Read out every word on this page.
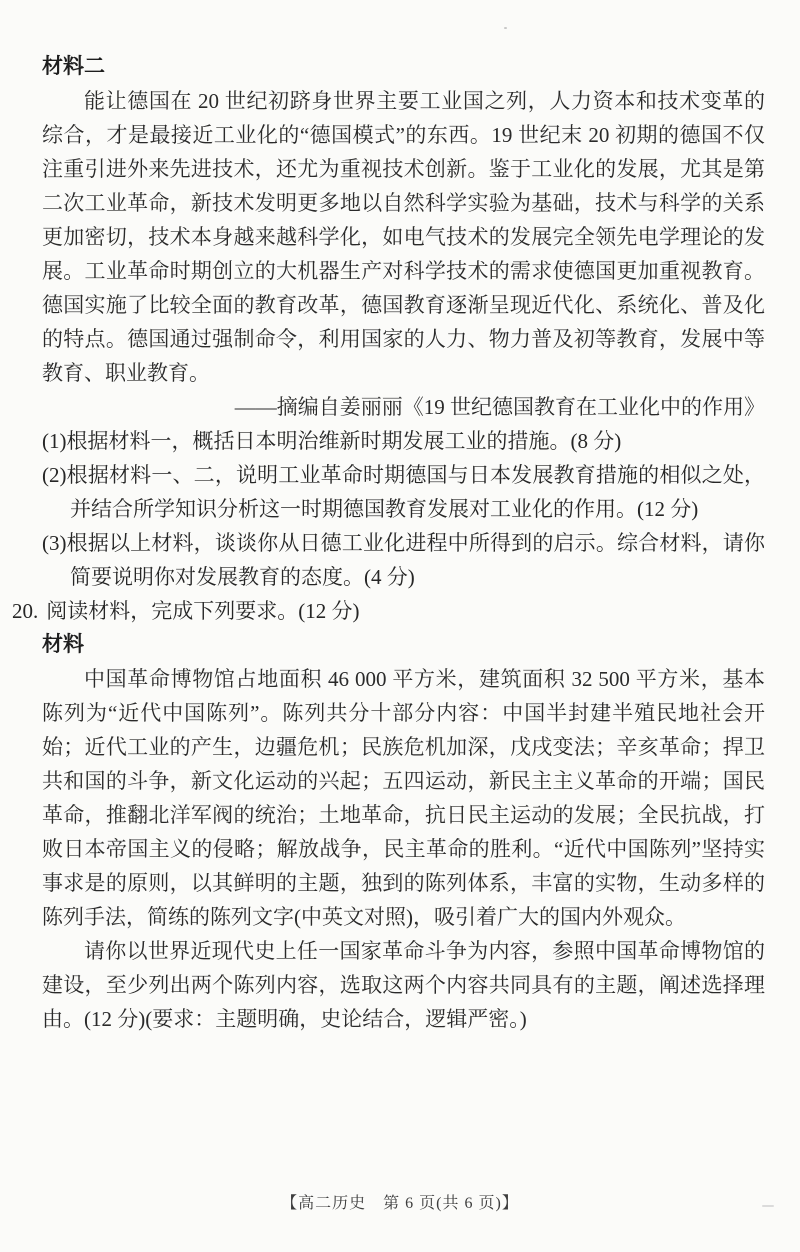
材料二

能让德国在 20 世纪初跻身世界主要工业国之列，人力资本和技术变革的综合，才是最接近工业化的“德国模式”的东西。19 世纪末 20 初期的德国不仅注重引进外来先进技术，还尤为重视技术创新。鉴于工业化的发展，尤其是第二次工业革命，新技术发明更多地以自然科学实验为基础，技术与科学的关系更加密切，技术本身越来越科学化，如电气技术的发展完全领先电学理论的发展。工业革命时期创立的大机器生产对科学技术的需求使德国更加重视教育。德国实施了比较全面的教育改革，德国教育逐渐呈现近代化、系统化、普及化的特点。德国通过强制命令，利用国家的人力、物力普及初等教育，发展中等教育、职业教育。

——摘编自姜丽丽《19 世纪德国教育在工业化中的作用》
(1)根据材料一，概括日本明治维新时期发展工业的措施。(8 分)
(2)根据材料一、二，说明工业革命时期德国与日本发展教育措施的相似之处，并结合所学知识分析这一时期德国教育发展对工业化的作用。(12 分)
(3)根据以上材料，谈谈你从日德工业化进程中所得到的启示。综合材料，请你简要说明你对发展教育的态度。(4 分)
20. 阅读材料，完成下列要求。(12 分)
材料

中国革命博物馆占地面积 46 000 平方米，建筑面积 32 500 平方米，基本陈列为“近代中国陈列”。陈列共分十部分内容：中国半封建半殖民地社会开始；近代工业的产生，边疆危机；民族危机加深，戊戌变法；辛亥革命；捍卫共和国的斗争，新文化运动的兴起；五四运动，新民主主义革命的开端；国民革命，推翻北洋军阀的统治；土地革命，抗日民主运动的发展；全民抗战，打败日本帝国主义的侵略；解放战争，民主革命的胜利。“近代中国陈列”坚持实事求是的原则，以其鲜明的主题，独到的陈列体系，丰富的实物，生动多样的陈列手法，简练的陈列文字(中英文对照)，吸引着广大的国内外观众。

请你以世界近现代史上任一国家革命斗争为内容，参照中国革命博物馆的建设，至少列出两个陈列内容，选取这两个内容共同具有的主题，阐述选择理由。(12 分)(要求：主题明确，史论结合，逻辑严密。)

【高二历史　第 6 页(共 6 页)】
